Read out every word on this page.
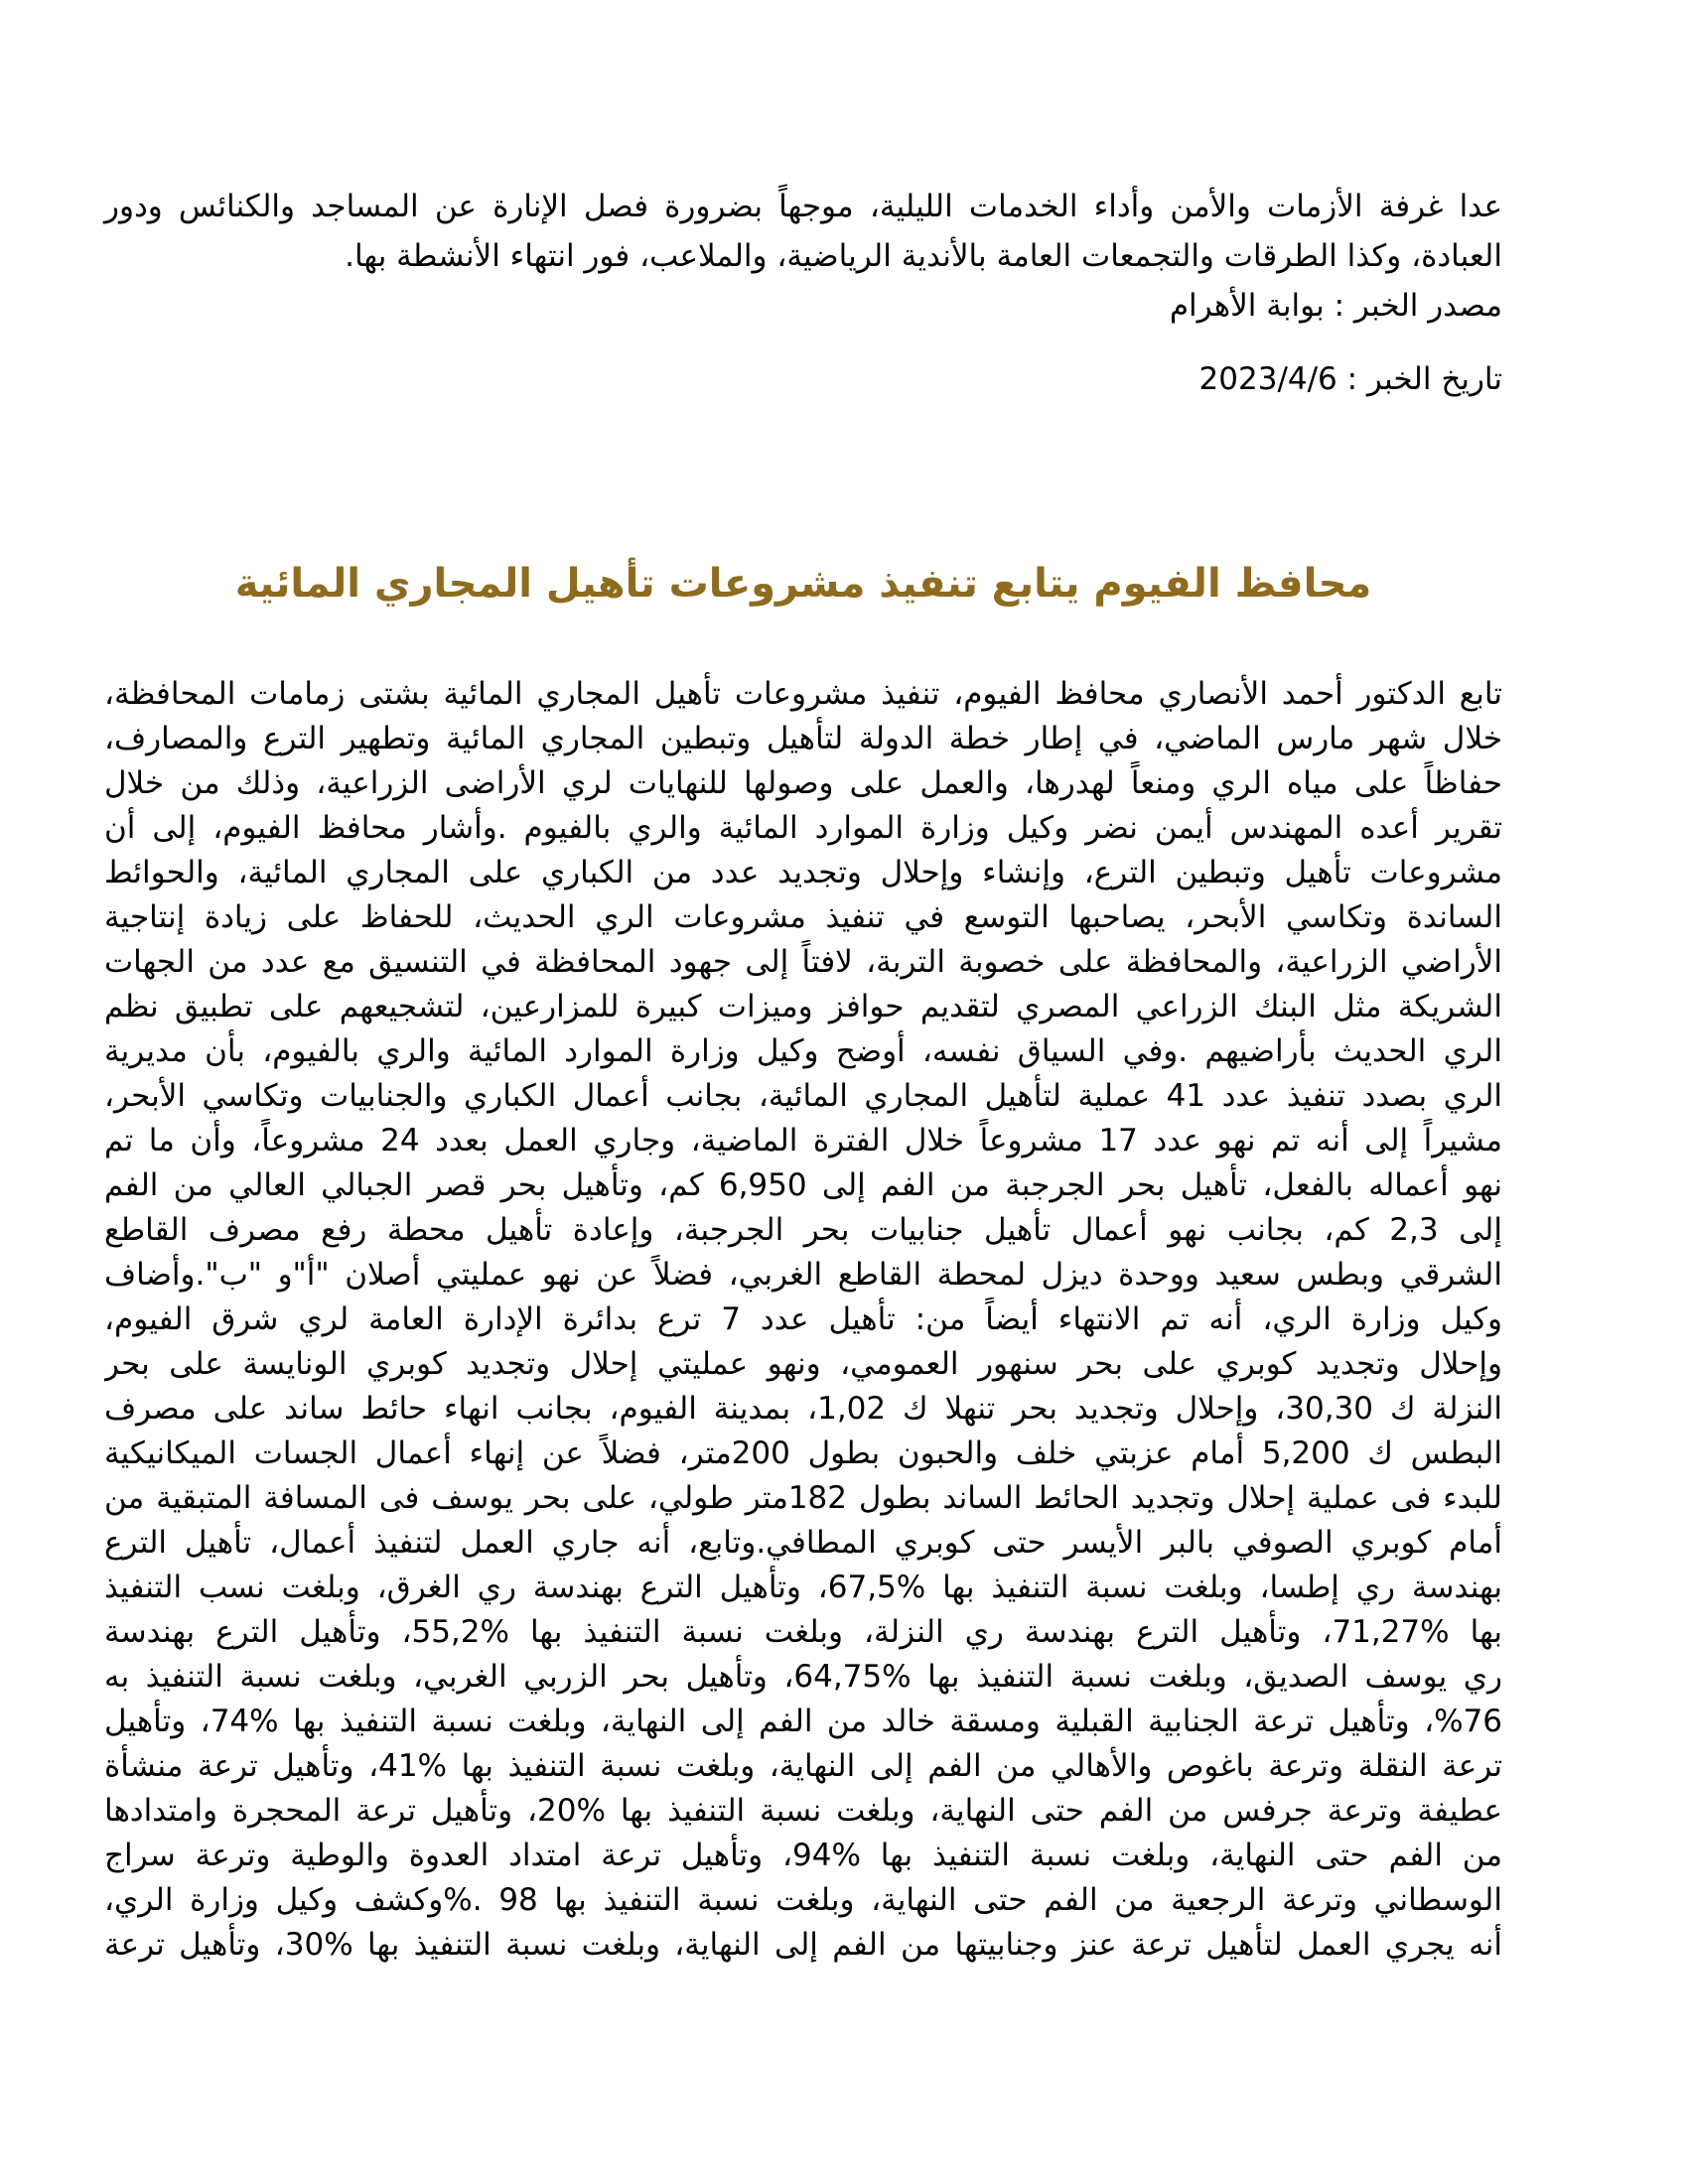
عدا غرفة الأزمات والأمن وأداء الخدمات الليلية، موجهاً بضرورة فصل الإنارة عن المساجد والكنائس ودور
العبادة، وكذا الطرقات والتجمعات العامة بالأندية الرياضية، والملاعب، فور انتهاء الأنشطة بها.
مصدر الخبر : بوابة الأهرام
تاريخ الخبر : 2023/4/6
محافظ الفيوم يتابع تنفيذ مشروعات تأهيل المجاري المائية
تابع الدكتور أحمد الأنصاري محافظ الفيوم، تنفيذ مشروعات تأهيل المجاري المائية بشتى زمامات المحافظة،
خلال شهر مارس الماضي، في إطار خطة الدولة لتأهيل وتبطين المجاري المائية وتطهير الترع والمصارف،
حفاظاً على مياه الري ومنعاً لهدرها، والعمل على وصولها للنهايات لري الأراضى الزراعية، وذلك من خلال
تقرير أعده المهندس أيمن نضر وكيل وزارة الموارد المائية والري بالفيوم .وأشار محافظ الفيوم، إلى أن
مشروعات تأهيل وتبطين الترع، وإنشاء وإحلال وتجديد عدد من الكباري على المجاري المائية، والحوائط
الساندة وتكاسي الأبحر، يصاحبها التوسع في تنفيذ مشروعات الري الحديث، للحفاظ على زيادة إنتاجية
الأراضي الزراعية، والمحافظة على خصوبة التربة، لافتاً إلى جهود المحافظة في التنسيق مع عدد من الجهات
الشريكة مثل البنك الزراعي المصري لتقديم حوافز وميزات كبيرة للمزارعين، لتشجيعهم على تطبيق نظم
الري الحديث بأراضيهم .وفي السياق نفسه، أوضح وكيل وزارة الموارد المائية والري بالفيوم، بأن مديرية
الري بصدد تنفيذ عدد 41 عملية لتأهيل المجاري المائية، بجانب أعمال الكباري والجنابيات وتكاسي الأبحر،
مشيراً إلى أنه تم نهو عدد 17 مشروعاً خلال الفترة الماضية، وجاري العمل بعدد 24 مشروعاً، وأن ما تم
نهو أعماله بالفعل، تأهيل بحر الجرجبة من الفم إلى 6,950 كم، وتأهيل بحر قصر الجبالي العالي من الفم
إلى 2,3 كم، بجانب نهو أعمال تأهيل جنابيات بحر الجرجبة، وإعادة تأهيل محطة رفع مصرف القاطع
الشرقي وبطس سعيد ووحدة ديزل لمحطة القاطع الغربي، فضلاً عن نهو عمليتي أصلان "أ"و "ب".وأضاف
وكيل وزارة الري، أنه تم الانتهاء أيضاً من: تأهيل عدد 7 ترع بدائرة الإدارة العامة لري شرق الفيوم،
وإحلال وتجديد كوبري على بحر سنهور العمومي، ونهو عمليتي إحلال وتجديد كوبري الونايسة على بحر
النزلة ك 30,30، وإحلال وتجديد بحر تنهلا ك 1,02، بمدينة الفيوم، بجانب انهاء حائط ساند على مصرف
البطس ك 5,200 أمام عزبتي خلف والحبون بطول 200متر، فضلاً عن إنهاء أعمال الجسات الميكانيكية
للبدء فى عملية إحلال وتجديد الحائط الساند بطول 182متر طولي، على بحر يوسف فى المسافة المتبقية من
أمام كوبري الصوفي بالبر الأيسر حتى كوبري المطافي.وتابع، أنه جاري العمل لتنفيذ أعمال، تأهيل الترع
بهندسة ري إطسا، وبلغت نسبة التنفيذ بها %67,5، وتأهيل الترع بهندسة ري الغرق، وبلغت نسب التنفيذ
بها %71,27، وتأهيل الترع بهندسة ري النزلة، وبلغت نسبة التنفيذ بها %55,2، وتأهيل الترع بهندسة
ري يوسف الصديق، وبلغت نسبة التنفيذ بها %64,75، وتأهيل بحر الزربي الغربي، وبلغت نسبة التنفيذ به
%76، وتأهيل ترعة الجنابية القبلية ومسقة خالد من الفم إلى النهاية، وبلغت نسبة التنفيذ بها %74، وتأهيل
ترعة النقلة وترعة باغوص والأهالي من الفم إلى النهاية، وبلغت نسبة التنفيذ بها %41، وتأهيل ترعة منشأة
عطيفة وترعة جرفس من الفم حتى النهاية، وبلغت نسبة التنفيذ بها %20، وتأهيل ترعة المحجرة وامتدادها
من الفم حتى النهاية، وبلغت نسبة التنفيذ بها %94، وتأهيل ترعة امتداد العدوة والوطية وترعة سراج
الوسطاني وترعة الرجعية من الفم حتى النهاية، وبلغت نسبة التنفيذ بها 98 .%وكشف وكيل وزارة الري،
أنه يجري العمل لتأهيل ترعة عنز وجنابيتها من الفم إلى النهاية، وبلغت نسبة التنفيذ بها %30، وتأهيل ترعة
